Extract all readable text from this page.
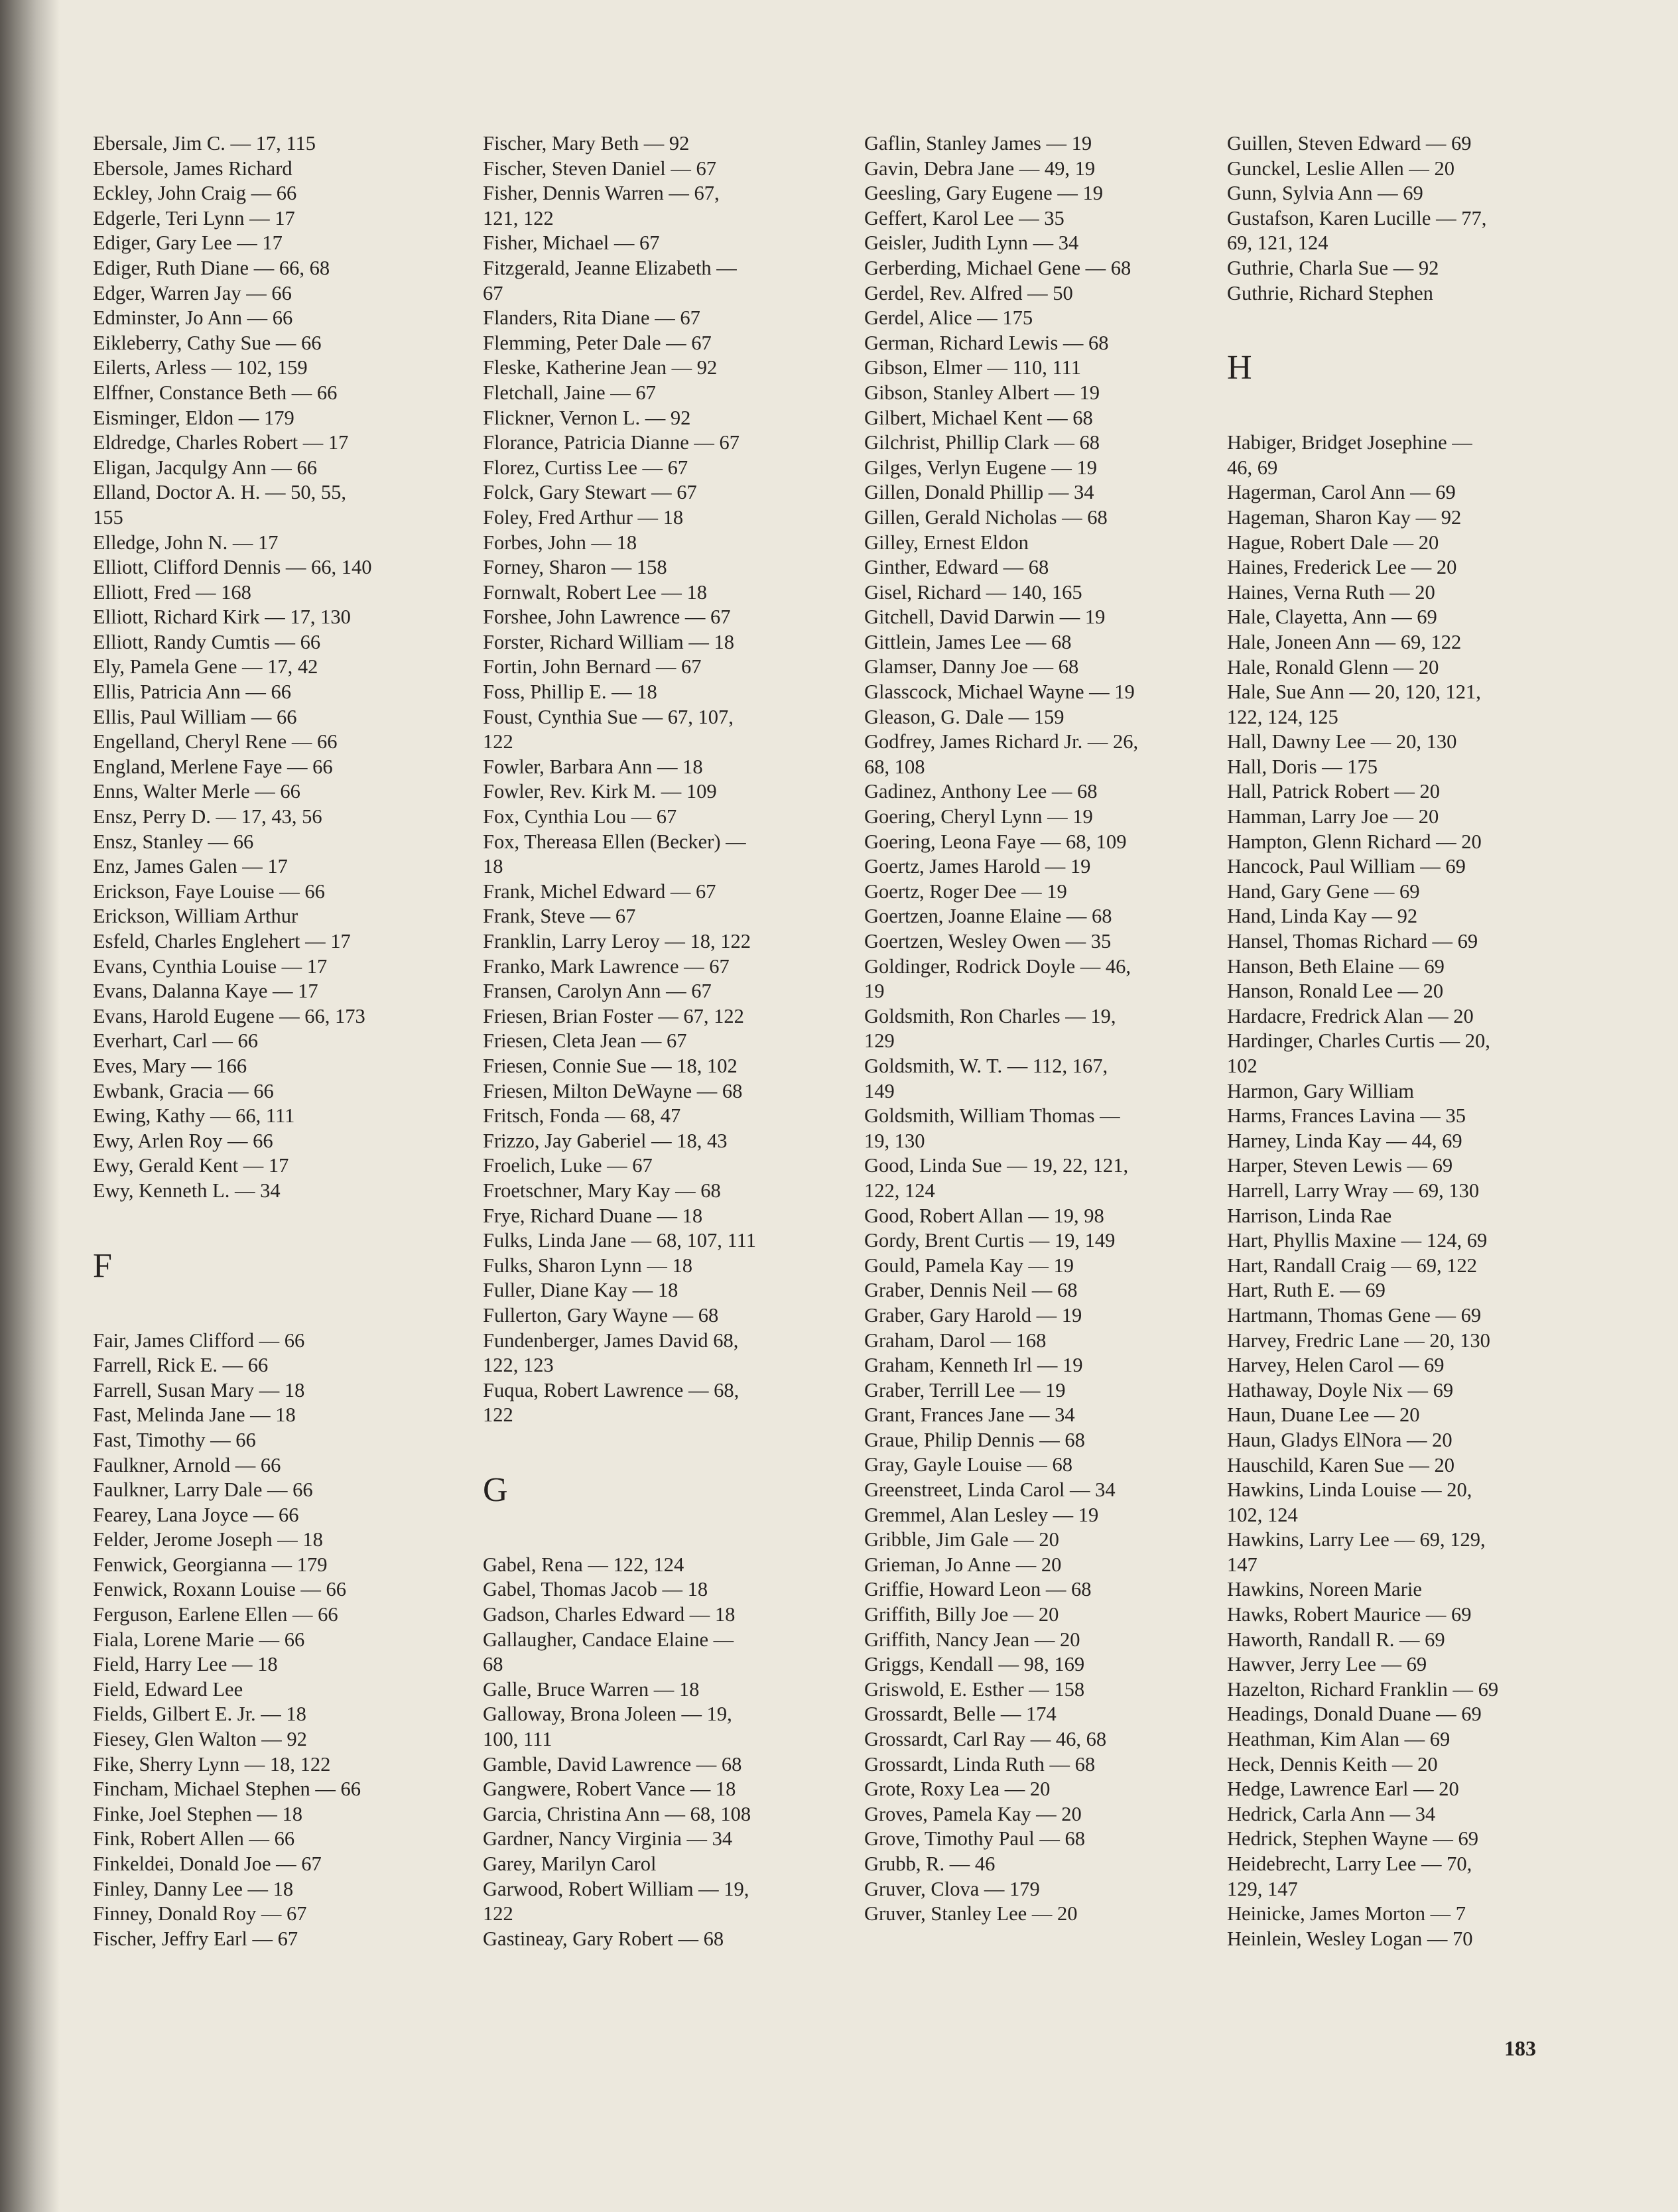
Ebersale, Jim C. — 17, 115
Ebersole, James Richard
Eckley, John Craig — 66
Edgerle, Teri Lynn — 17
Ediger, Gary Lee — 17
Ediger, Ruth Diane — 66, 68
Edger, Warren Jay — 66
Edminster, Jo Ann — 66
Eikleberry, Cathy Sue — 66
Eilerts, Arless — 102, 159
Elffner, Constance Beth — 66
Eisminger, Eldon — 179
Eldredge, Charles Robert — 17
Eligan, Jacqulgy Ann — 66
Elland, Doctor A. H. — 50, 55,
155
Elledge, John N. — 17
Elliott, Clifford Dennis — 66, 140
Elliott, Fred — 168
Elliott, Richard Kirk — 17, 130
Elliott, Randy Cumtis — 66
Ely, Pamela Gene — 17, 42
Ellis, Patricia Ann — 66
Ellis, Paul William — 66
Engelland, Cheryl Rene — 66
England, Merlene Faye — 66
Enns, Walter Merle — 66
Ensz, Perry D. — 17, 43, 56
Ensz, Stanley — 66
Enz, James Galen — 17
Erickson, Faye Louise — 66
Erickson, William Arthur
Esfeld, Charles Englehert — 17
Evans, Cynthia Louise — 17
Evans, Dalanna Kaye — 17
Evans, Harold Eugene — 66, 173
Everhart, Carl — 66
Eves, Mary — 166
Ewbank, Gracia — 66
Ewing, Kathy — 66, 111
Ewy, Arlen Roy — 66
Ewy, Gerald Kent — 17
Ewy, Kenneth L. — 34
F
Fair, James Clifford — 66
Farrell, Rick E. — 66
Farrell, Susan Mary — 18
Fast, Melinda Jane — 18
Fast, Timothy — 66
Faulkner, Arnold — 66
Faulkner, Larry Dale — 66
Fearey, Lana Joyce — 66
Felder, Jerome Joseph — 18
Fenwick, Georgianna — 179
Fenwick, Roxann Louise — 66
Ferguson, Earlene Ellen — 66
Fiala, Lorene Marie — 66
Field, Harry Lee — 18
Field, Edward Lee
Fields, Gilbert E. Jr. — 18
Fiesey, Glen Walton — 92
Fike, Sherry Lynn — 18, 122
Fincham, Michael Stephen — 66
Finke, Joel Stephen — 18
Fink, Robert Allen — 66
Finkeldei, Donald Joe — 67
Finley, Danny Lee — 18
Finney, Donald Roy — 67
Fischer, Jeffry Earl — 67
Fischer, Mary Beth — 92
Fischer, Steven Daniel — 67
Fisher, Dennis Warren — 67,
121, 122
Fisher, Michael — 67
Fitzgerald, Jeanne Elizabeth —
67
Flanders, Rita Diane — 67
Flemming, Peter Dale — 67
Fleske, Katherine Jean — 92
Fletchall, Jaine — 67
Flickner, Vernon L. — 92
Florance, Patricia Dianne — 67
Florez, Curtiss Lee — 67
Folck, Gary Stewart — 67
Foley, Fred Arthur — 18
Forbes, John — 18
Forney, Sharon — 158
Fornwalt, Robert Lee — 18
Forshee, John Lawrence — 67
Forster, Richard William — 18
Fortin, John Bernard — 67
Foss, Phillip E. — 18
Foust, Cynthia Sue — 67, 107,
122
Fowler, Barbara Ann — 18
Fowler, Rev. Kirk M. — 109
Fox, Cynthia Lou — 67
Fox, Thereasa Ellen (Becker) —
18
Frank, Michel Edward — 67
Frank, Steve — 67
Franklin, Larry Leroy — 18, 122
Franko, Mark Lawrence — 67
Fransen, Carolyn Ann — 67
Friesen, Brian Foster — 67, 122
Friesen, Cleta Jean — 67
Friesen, Connie Sue — 18, 102
Friesen, Milton DeWayne — 68
Fritsch, Fonda — 68, 47
Frizzo, Jay Gaberiel — 18, 43
Froelich, Luke — 67
Froetschner, Mary Kay — 68
Frye, Richard Duane — 18
Fulks, Linda Jane — 68, 107, 111
Fulks, Sharon Lynn — 18
Fuller, Diane Kay — 18
Fullerton, Gary Wayne — 68
Fundenberger, James David 68,
122, 123
Fuqua, Robert Lawrence — 68,
122
G
Gabel, Rena — 122, 124
Gabel, Thomas Jacob — 18
Gadson, Charles Edward — 18
Gallaugher, Candace Elaine —
68
Galle, Bruce Warren — 18
Galloway, Brona Joleen — 19,
100, 111
Gamble, David Lawrence — 68
Gangwere, Robert Vance — 18
Garcia, Christina Ann — 68, 108
Gardner, Nancy Virginia — 34
Garey, Marilyn Carol
Garwood, Robert William — 19,
122
Gastineay, Gary Robert — 68
Gaflin, Stanley James — 19
Gavin, Debra Jane — 49, 19
Geesling, Gary Eugene — 19
Geffert, Karol Lee — 35
Geisler, Judith Lynn — 34
Gerberding, Michael Gene — 68
Gerdel, Rev. Alfred — 50
Gerdel, Alice — 175
German, Richard Lewis — 68
Gibson, Elmer — 110, 111
Gibson, Stanley Albert — 19
Gilbert, Michael Kent — 68
Gilchrist, Phillip Clark — 68
Gilges, Verlyn Eugene — 19
Gillen, Donald Phillip — 34
Gillen, Gerald Nicholas — 68
Gilley, Ernest Eldon
Ginther, Edward — 68
Gisel, Richard — 140, 165
Gitchell, David Darwin — 19
Gittlein, James Lee — 68
Glamser, Danny Joe — 68
Glasscock, Michael Wayne — 19
Gleason, G. Dale — 159
Godfrey, James Richard Jr. — 26,
68, 108
Gadinez, Anthony Lee — 68
Goering, Cheryl Lynn — 19
Goering, Leona Faye — 68, 109
Goertz, James Harold — 19
Goertz, Roger Dee — 19
Goertzen, Joanne Elaine — 68
Goertzen, Wesley Owen — 35
Goldinger, Rodrick Doyle — 46,
19
Goldsmith, Ron Charles — 19,
129
Goldsmith, W. T. — 112, 167,
149
Goldsmith, William Thomas —
19, 130
Good, Linda Sue — 19, 22, 121,
122, 124
Good, Robert Allan — 19, 98
Gordy, Brent Curtis — 19, 149
Gould, Pamela Kay — 19
Graber, Dennis Neil — 68
Graber, Gary Harold — 19
Graham, Darol — 168
Graham, Kenneth Irl — 19
Graber, Terrill Lee — 19
Grant, Frances Jane — 34
Graue, Philip Dennis — 68
Gray, Gayle Louise — 68
Greenstreet, Linda Carol — 34
Gremmel, Alan Lesley — 19
Gribble, Jim Gale — 20
Grieman, Jo Anne — 20
Griffie, Howard Leon — 68
Griffith, Billy Joe — 20
Griffith, Nancy Jean — 20
Griggs, Kendall — 98, 169
Griswold, E. Esther — 158
Grossardt, Belle — 174
Grossardt, Carl Ray — 46, 68
Grossardt, Linda Ruth — 68
Grote, Roxy Lea — 20
Groves, Pamela Kay — 20
Grove, Timothy Paul — 68
Grubb, R. — 46
Gruver, Clova — 179
Gruver, Stanley Lee — 20
Guillen, Steven Edward — 69
Gunckel, Leslie Allen — 20
Gunn, Sylvia Ann — 69
Gustafson, Karen Lucille — 77,
69, 121, 124
Guthrie, Charla Sue — 92
Guthrie, Richard Stephen
H
Habiger, Bridget Josephine —
46, 69
Hagerman, Carol Ann — 69
Hageman, Sharon Kay — 92
Hague, Robert Dale — 20
Haines, Frederick Lee — 20
Haines, Verna Ruth — 20
Hale, Clayetta, Ann — 69
Hale, Joneen Ann — 69, 122
Hale, Ronald Glenn — 20
Hale, Sue Ann — 20, 120, 121,
122, 124, 125
Hall, Dawny Lee — 20, 130
Hall, Doris — 175
Hall, Patrick Robert — 20
Hamman, Larry Joe — 20
Hampton, Glenn Richard — 20
Hancock, Paul William — 69
Hand, Gary Gene — 69
Hand, Linda Kay — 92
Hansel, Thomas Richard — 69
Hanson, Beth Elaine — 69
Hanson, Ronald Lee — 20
Hardacre, Fredrick Alan — 20
Hardinger, Charles Curtis — 20,
102
Harmon, Gary William
Harms, Frances Lavina — 35
Harney, Linda Kay — 44, 69
Harper, Steven Lewis — 69
Harrell, Larry Wray — 69, 130
Harrison, Linda Rae
Hart, Phyllis Maxine — 124, 69
Hart, Randall Craig — 69, 122
Hart, Ruth E. — 69
Hartmann, Thomas Gene — 69
Harvey, Fredric Lane — 20, 130
Harvey, Helen Carol — 69
Hathaway, Doyle Nix — 69
Haun, Duane Lee — 20
Haun, Gladys ElNora — 20
Hauschild, Karen Sue — 20
Hawkins, Linda Louise — 20,
102, 124
Hawkins, Larry Lee — 69, 129,
147
Hawkins, Noreen Marie
Hawks, Robert Maurice — 69
Haworth, Randall R. — 69
Hawver, Jerry Lee — 69
Hazelton, Richard Franklin — 69
Headings, Donald Duane — 69
Heathman, Kim Alan — 69
Heck, Dennis Keith — 20
Hedge, Lawrence Earl — 20
Hedrick, Carla Ann — 34
Hedrick, Stephen Wayne — 69
Heidebrecht, Larry Lee — 70,
129, 147
Heinicke, James Morton — 7
Heinlein, Wesley Logan — 70
183
